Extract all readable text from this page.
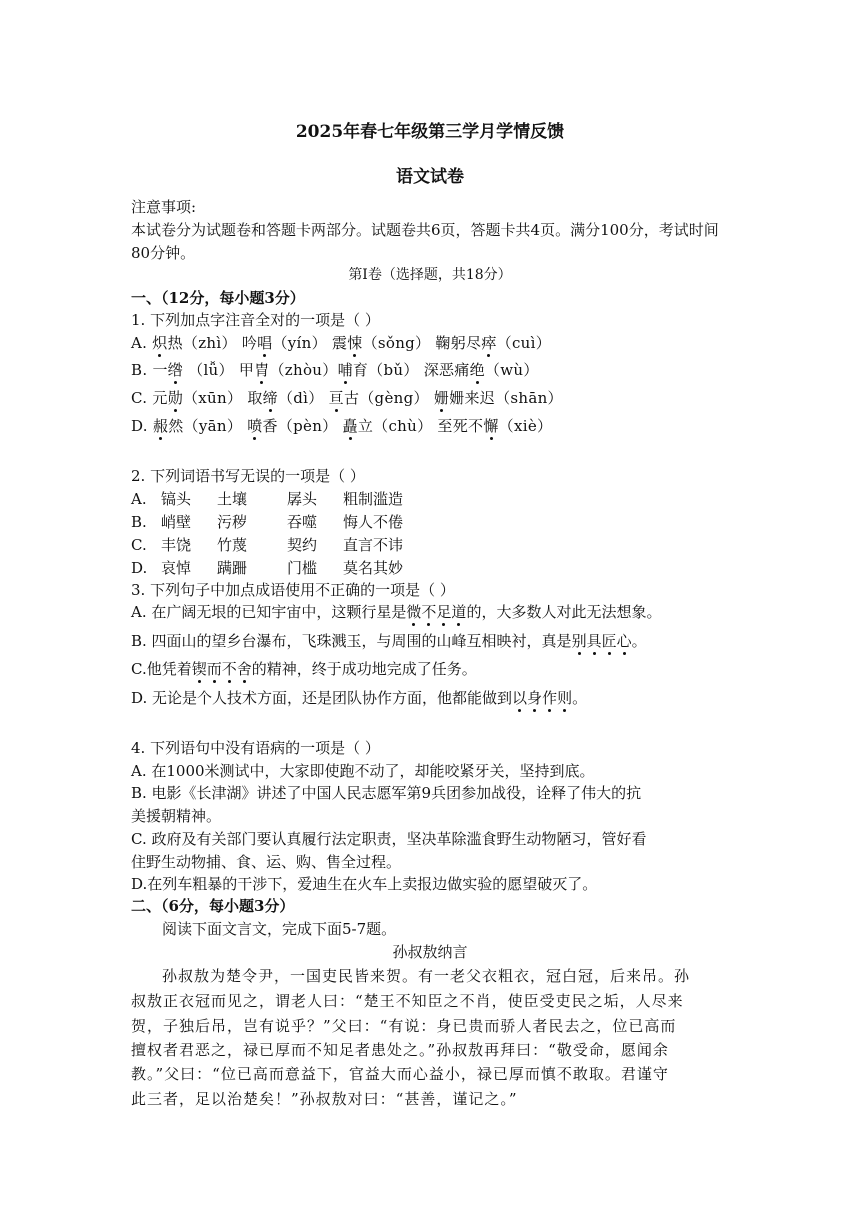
2025年春七年级第三学月学情反馈
语文试卷
注意事项:
本试卷分为试题卷和答题卡两部分。试题卷共6页，答题卡共4页。满分100分，考试时间
80分钟。
第Ⅰ卷（选择题，共18分）
一、（12分，每小题3分）
1. 下列加点字注音全对的一项是（ ）
A. 炽热（zhì） 吟唱（yín） 震悚（sǒng） 鞠躬尽瘁（cuì）
B. 一绺 （lǚ） 甲胄（zhòu）哺育（bǔ） 深恶痛绝（wù）
C. 元勋（xūn） 取缔（dì） 亘古（gèng） 姗姗来迟（shān）
D. 赧然（yān） 喷香（pèn） 矗立（chù） 至死不懈（xiè）
2. 下列词语书写无误的一项是（ ）
A. 镐头 土壤	孱头 粗制滥造
B. 峭壁 污秽	吞噬 悔人不倦
C. 丰饶 竹蔑	契约 直言不讳
D. 哀悼 蹒跚	门槛 莫名其妙
3. 下列句子中加点成语使用不正确的一项是（ ）
A. 在广阔无垠的已知宇宙中，这颗行星是微不足道的，大多数人对此无法想象。
B. 四面山的望乡台瀑布，飞珠溅玉，与周围的山峰互相映衬，真是别具匠心。
C.他凭着锲而不舍的精神，终于成功地完成了任务。
D. 无论是个人技术方面，还是团队协作方面，他都能做到以身作则。
4. 下列语句中没有语病的一项是（ ）
A. 在1000米测试中，大家即使跑不动了，却能咬紧牙关，坚持到底。
B. 电影《长津湖》讲述了中国人民志愿军第9兵团参加战役，诠释了伟大的抗
美援朝精神。
C. 政府及有关部门要认真履行法定职责，坚决革除滥食野生动物陋习，管好看
住野生动物捕、食、运、购、售全过程。
D.在列车粗暴的干涉下，爱迪生在火车上卖报边做实验的愿望破灭了。
二、（6分，每小题3分）
阅读下面文言文，完成下面5-7题。
孙叔敖纳言
孙叔敖为楚令尹，一国吏民皆来贺。有一老父衣粗衣，冠白冠，后来吊。孙
叔敖正衣冠而见之，谓老人曰：“楚王不知臣之不肖，使臣受吏民之垢，人尽来
贺，子独后吊，岂有说乎？”父曰：“有说：身已贵而骄人者民去之，位已高而
擅权者君恶之，禄已厚而不知足者患处之。”孙叔敖再拜曰：“敬受命，愿闻余
教。”父曰：“位已高而意益下，官益大而心益小，禄已厚而慎不敢取。君谨守
此三者，足以治楚矣！”孙叔敖对曰：“甚善，谨记之。”
